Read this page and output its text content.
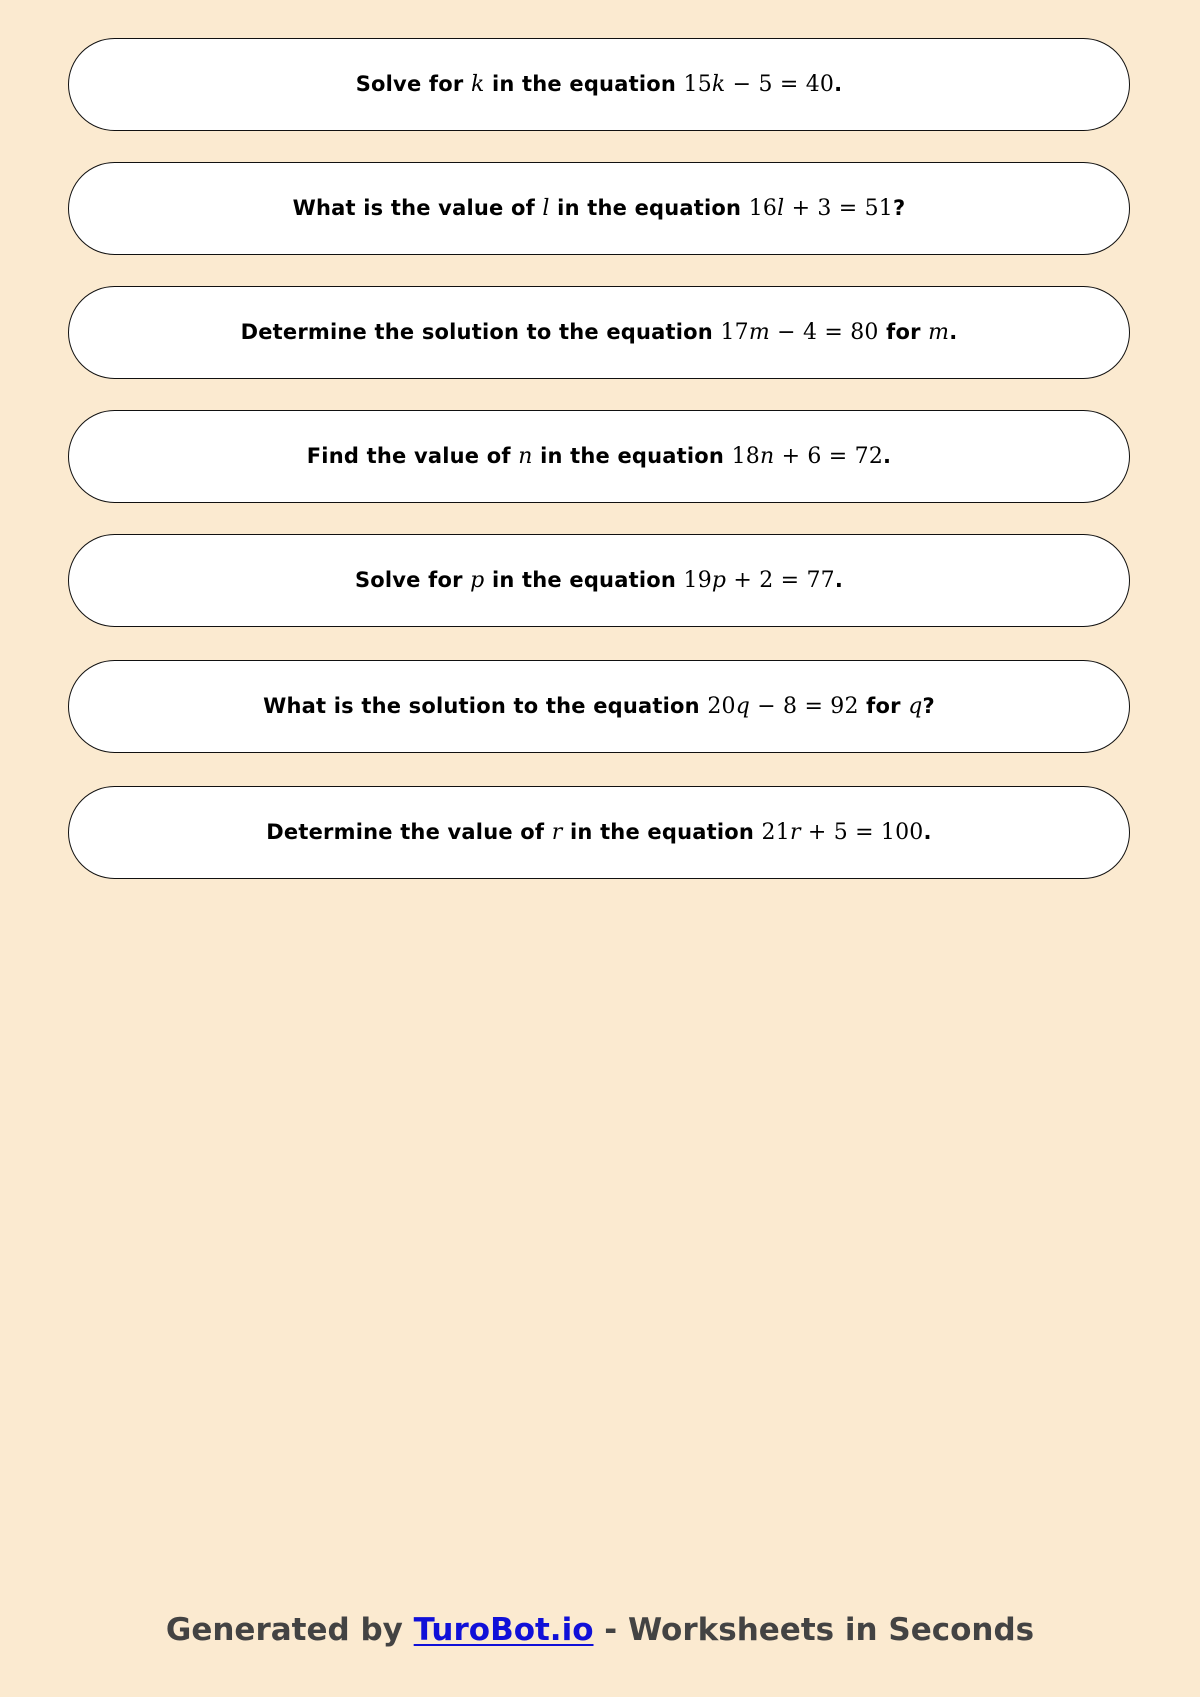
Solve for k in the equation 15k − 5 = 40.
What is the value of l in the equation 16l + 3 = 51?
Determine the solution to the equation 17m − 4 = 80 for m.
Find the value of n in the equation 18n + 6 = 72.
Solve for p in the equation 19p + 2 = 77.
What is the solution to the equation 20q − 8 = 92 for q?
Determine the value of r in the equation 21r + 5 = 100.
Generated by TuroBot.io - Worksheets in Seconds
